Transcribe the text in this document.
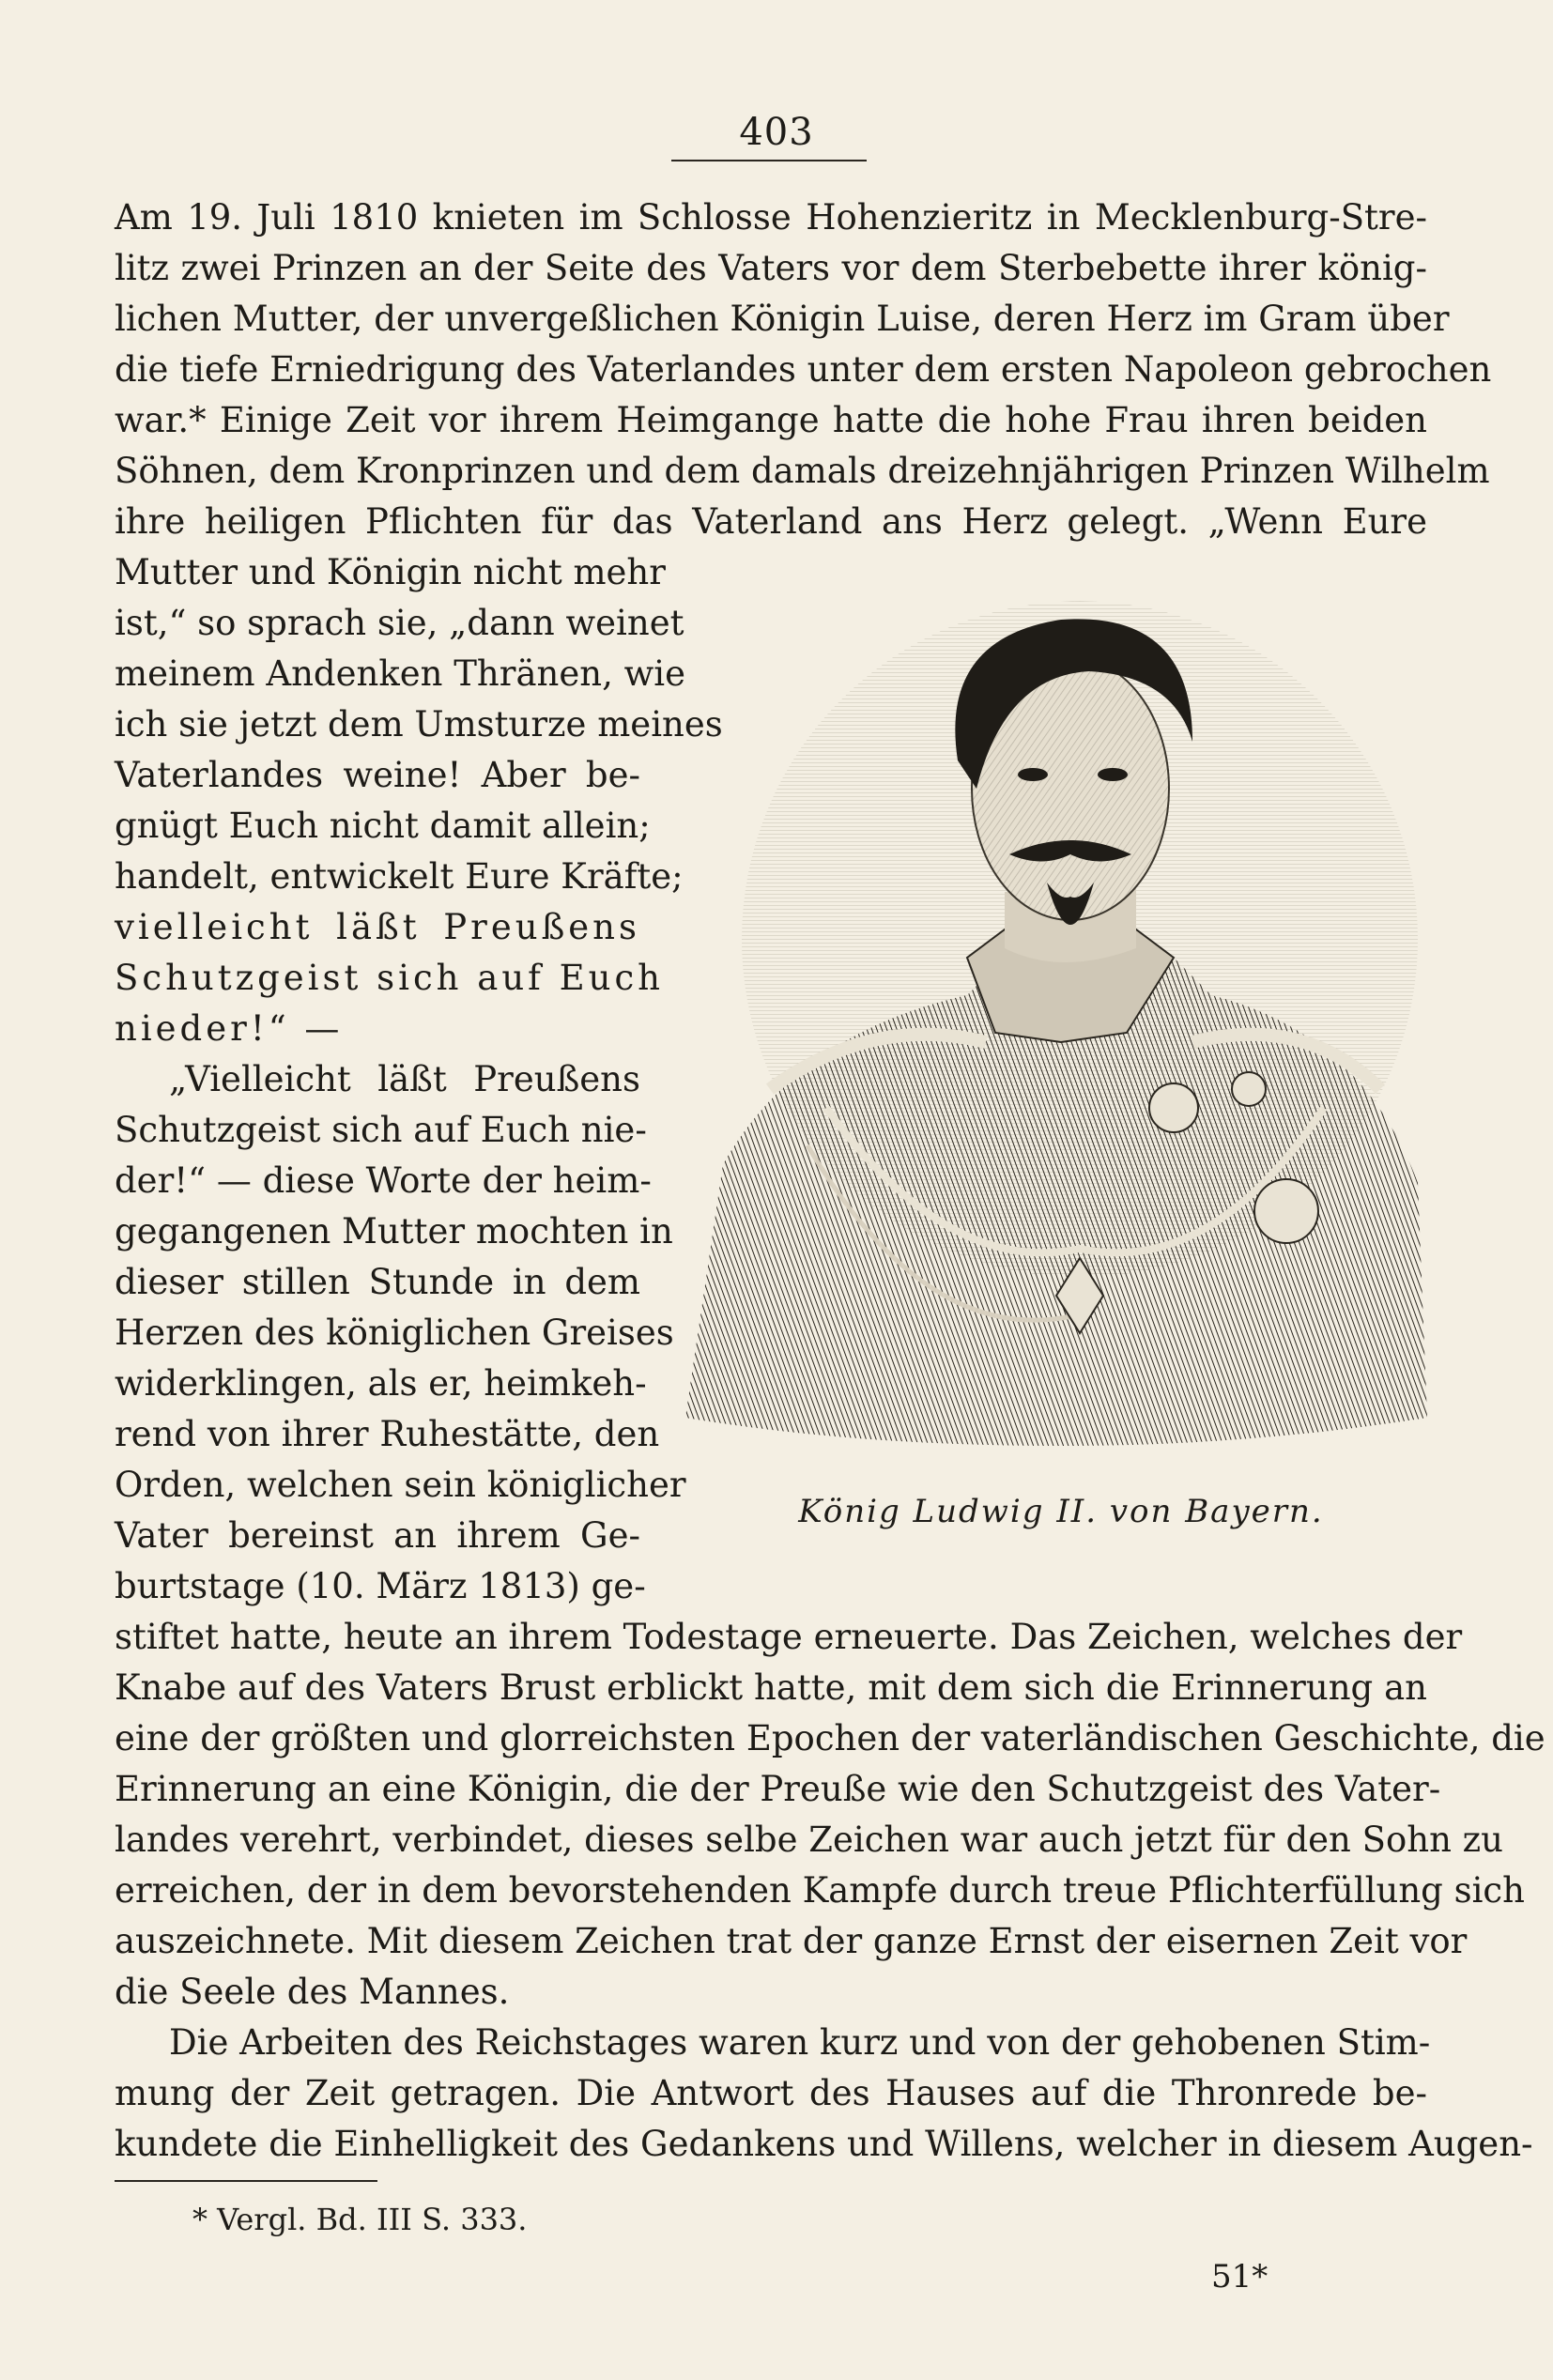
403
Am 19. Juli 1810 knieten im Schlosse Hohenzieritz in Mecklenburg-Stre-
litz zwei Prinzen an der Seite des Vaters vor dem Sterbebette ihrer könig-
lichen Mutter, der unvergeßlichen Königin Luise, deren Herz im Gram über
die tiefe Erniedrigung des Vaterlandes unter dem ersten Napoleon gebrochen
war.* Einige Zeit vor ihrem Heimgange hatte die hohe Frau ihren beiden
Söhnen, dem Kronprinzen und dem damals dreizehnjährigen Prinzen Wilhelm
ihre heiligen Pflichten für das Vaterland ans Herz gelegt. „Wenn Eure
Mutter und Königin nicht mehr
ist,“ so sprach sie, „dann weinet
meinem Andenken Thränen, wie
ich sie jetzt dem Umsturze meines
Vaterlandes weine! Aber be-
gnügt Euch nicht damit allein;
handelt, entwickelt Eure Kräfte;
vielleicht läßt Preußens
Schutzgeist sich auf Euch
nieder!“ —
„Vielleicht läßt Preußens
Schutzgeist sich auf Euch nie-
der!“ — diese Worte der heim-
gegangenen Mutter mochten in
dieser stillen Stunde in dem
Herzen des königlichen Greises
widerklingen, als er, heimkeh-
rend von ihrer Ruhestätte, den
Orden, welchen sein königlicher
Vater bereinst an ihrem Ge-
burtstage (10. März 1813) ge-
König Ludwig II. von Bayern.
stiftet hatte, heute an ihrem Todestage erneuerte. Das Zeichen, welches der
Knabe auf des Vaters Brust erblickt hatte, mit dem sich die Erinnerung an
eine der größten und glorreichsten Epochen der vaterländischen Geschichte, die
Erinnerung an eine Königin, die der Preuße wie den Schutzgeist des Vater-
landes verehrt, verbindet, dieses selbe Zeichen war auch jetzt für den Sohn zu
erreichen, der in dem bevorstehenden Kampfe durch treue Pflichterfüllung sich
auszeichnete. Mit diesem Zeichen trat der ganze Ernst der eisernen Zeit vor
die Seele des Mannes.
Die Arbeiten des Reichstages waren kurz und von der gehobenen Stim-
mung der Zeit getragen. Die Antwort des Hauses auf die Thronrede be-
kundete die Einhelligkeit des Gedankens und Willens, welcher in diesem Augen-
* Vergl. Bd. III S. 333.
51*
